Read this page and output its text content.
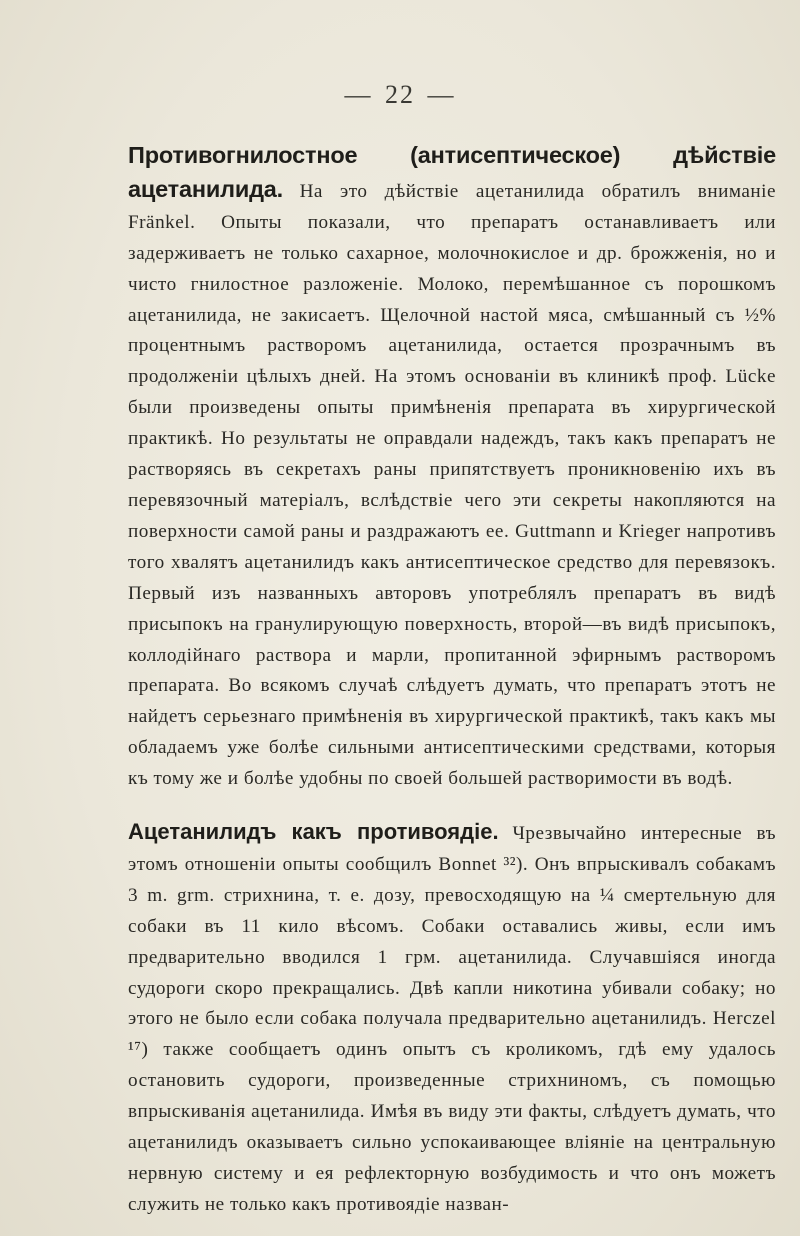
— 22 —

Противогнилостное (антисептическое) дѣйствіе ацетанилида. На это дѣйствіе ацетанилида обратилъ вниманіе Fränkel. Опыты показали, что препаратъ останавливаетъ или задерживаетъ не только сахарное, молочнокислое и др. брожженія, но и чисто гнилостное разложеніе. Молоко, перемѣшанное съ порошкомъ ацетанилида, не закисаетъ. Щелочной настой мяса, смѣшанный съ ½% процентнымъ растворомъ ацетанилида, остается прозрачнымъ въ продолженіи цѣлыхъ дней. На этомъ основаніи въ клиникѣ проф. Lücke были произведены опыты примѣненія препарата въ хирургической практикѣ. Но результаты не оправдали надеждъ, такъ какъ препаратъ не растворяясь въ секретахъ раны припятствуетъ проникновенію ихъ въ перевязочный матеріалъ, вслѣдствіе чего эти секреты накопляются на поверхности самой раны и раздражаютъ ее. Guttmann и Krieger напротивъ того хвалятъ ацетанилидъ какъ антисептическое средство для перевязокъ. Первый изъ названныхъ авторовъ употреблялъ препаратъ въ видѣ присыпокъ на гранулирующую поверхность, второй—въ видѣ присыпокъ, коллодійнаго раствора и марли, пропитанной эфирнымъ растворомъ препарата. Во всякомъ случаѣ слѣдуетъ думать, что препаратъ этотъ не найдетъ серьезнаго примѣненія въ хирургической практикѣ, такъ какъ мы обладаемъ уже болѣе сильными антисептическими средствами, которыя къ тому же и болѣе удобны по своей большей растворимости въ водѣ.

Ацетанилидъ какъ противоядіе. Чрезвычайно интересные въ этомъ отношеніи опыты сообщилъ Bonnet ³²). Онъ впрыскивалъ собакамъ 3 m. grm. стрихнина, т. е. дозу, превосходящую на ¼ смертельную для собаки въ 11 кило вѣсомъ. Собаки оставались живы, если имъ предварительно вводился 1 грм. ацетанилида. Случавшіяся иногда судороги скоро прекращались. Двѣ капли никотина убивали собаку; но этого не было если собака получала предварительно ацетанилидъ. Herczel ¹⁷) также сообщаетъ одинъ опытъ съ кроликомъ, гдѣ ему удалось остановить судороги, произведенные стрихниномъ, съ помощью впрыскиванія ацетанилида. Имѣя въ виду эти факты, слѣдуетъ думать, что ацетанилидъ оказываетъ сильно успокаивающее вліяніе на центральную нервную систему и ея рефлекторную возбудимость и что онъ можетъ служить не только какъ противоядіе назван-
